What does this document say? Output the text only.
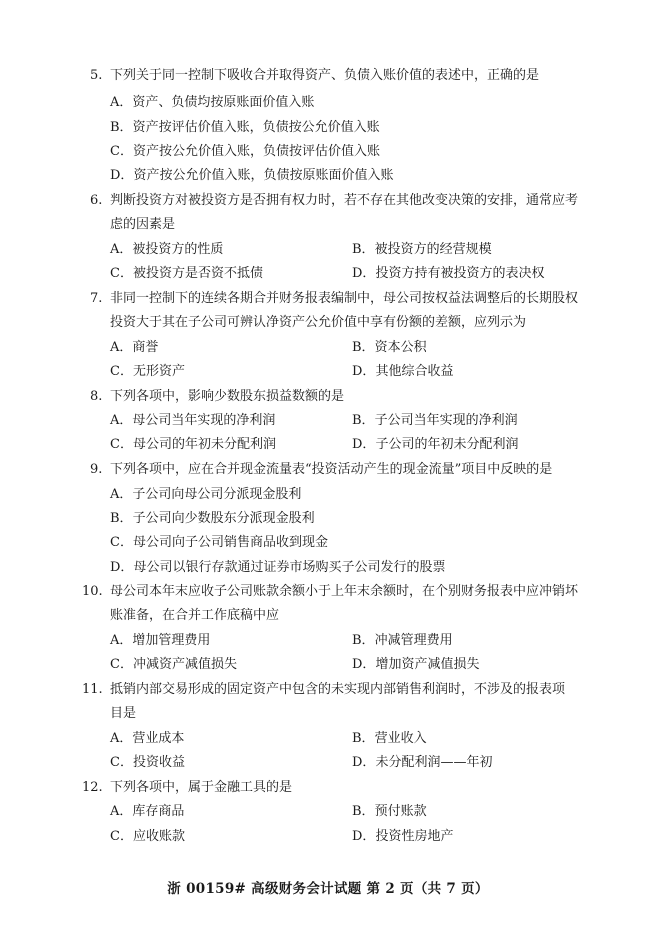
5. 下列关于同一控制下吸收合并取得资产、负债入账价值的表述中，正确的是
A．资产、负债均按原账面价值入账
B．资产按评估价值入账，负债按公允价值入账
C．资产按公允价值入账，负债按评估价值入账
D．资产按公允价值入账，负债按原账面价值入账
6. 判断投资方对被投资方是否拥有权力时，若不存在其他改变决策的安排，通常应考
虑的因素是
A．被投资方的性质	B．被投资方的经营规模
C．被投资方是否资不抵债	D．投资方持有被投资方的表决权
7. 非同一控制下的连续各期合并财务报表编制中，母公司按权益法调整后的长期股权
投资大于其在子公司可辨认净资产公允价值中享有份额的差额，应列示为
A．商誉	B．资本公积
C．无形资产	D．其他综合收益
8. 下列各项中，影响少数股东损益数额的是
A．母公司当年实现的净利润	B．子公司当年实现的净利润
C．母公司的年初未分配利润	D．子公司的年初未分配利润
9. 下列各项中，应在合并现金流量表“投资活动产生的现金流量”项目中反映的是
A．子公司向母公司分派现金股利
B．子公司向少数股东分派现金股利
C．母公司向子公司销售商品收到现金
D．母公司以银行存款通过证券市场购买子公司发行的股票
10. 母公司本年末应收子公司账款余额小于上年末余额时，在个别财务报表中应冲销坏
账准备，在合并工作底稿中应
A．增加管理费用	B．冲减管理费用
C．冲减资产减值损失	D．增加资产减值损失
11. 抵销内部交易形成的固定资产中包含的未实现内部销售利润时，不涉及的报表项
目是
A．营业成本	B．营业收入
C．投资收益	D．未分配利润——年初
12. 下列各项中，属于金融工具的是
A．库存商品	B．预付账款
C．应收账款	D．投资性房地产
浙 00159# 高级财务会计试题 第 2 页（共 7 页）
